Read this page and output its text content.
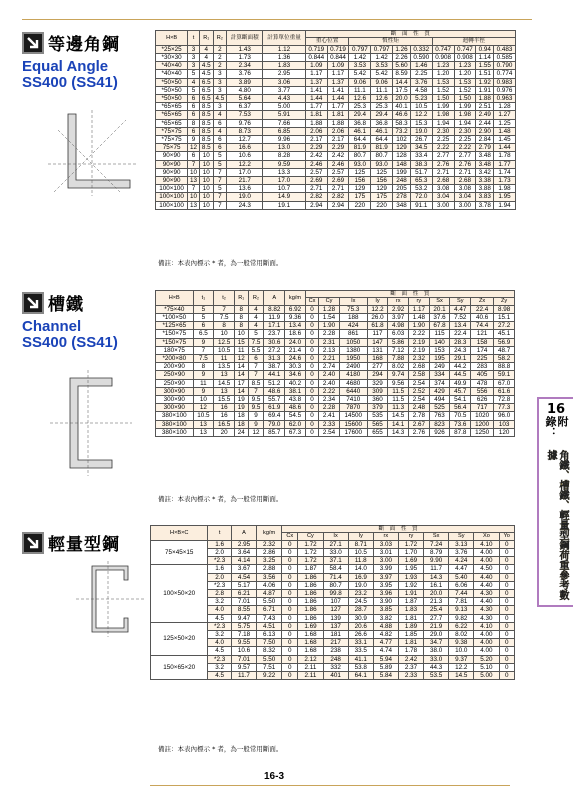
等邊角鋼
Equal Angle
SS400 (SS41)
H×B	t	R₁	R₂	計算斷面積	計算單位重量	斷　面　性　質									
						重心位置		慣性矩				迴轉半徑			
*25×25	3	4	2	1.43	1.12	0.719	0.719	0.797	0.797	1.26	0.332	0.747	0.747	0.94	0.483
*30×30	3	4	2	1.73	1.36	0.844	0.844	1.42	1.42	2.26	0.590	0.908	0.908	1.14	0.585
*40×40	3	4.5	2	2.34	1.83	1.09	1.09	3.53	3.53	5.60	1.46	1.23	1.23	1.55	0.790
*40×40	5	4.5	3	3.76	2.95	1.17	1.17	5.42	5.42	8.59	2.25	1.20	1.20	1.51	0.774
*50×50	4	6.5	3	3.89	3.06	1.37	1.37	9.06	9.06	14.4	3.76	1.53	1.53	1.92	0.983
*50×50	5	6.5	3	4.80	3.77	1.41	1.41	11.1	11.1	17.5	4.58	1.52	1.52	1.91	0.976
*50×50	6	6.5	4.5	5.64	4.43	1.44	1.44	12.6	12.6	20.0	5.23	1.50	1.50	1.88	0.963
*65×65	6	8.5	3	6.37	5.00	1.77	1.77	25.3	25.3	40.1	10.5	1.99	1.99	2.51	1.28
*65×65	6	8.5	4	7.53	5.91	1.81	1.81	29.4	29.4	46.6	12.2	1.98	1.98	2.49	1.27
*65×65	8	8.5	6	9.76	7.66	1.88	1.88	36.8	36.8	58.3	15.3	1.94	1.94	2.44	1.25
*75×75	6	8.5	4	8.73	6.85	2.06	2.06	46.1	46.1	73.2	19.0	2.30	2.30	2.90	1.48
*75×75	9	8.5	6	12.7	9.96	2.17	2.17	64.4	64.4	102	26.7	2.25	2.25	2.84	1.45
75×75	12	8.5	6	16.6	13.0	2.29	2.29	81.9	81.9	129	34.5	2.22	2.22	2.79	1.44
90×90	6	10	5	10.6	8.28	2.42	2.42	80.7	80.7	128	33.4	2.77	2.77	3.48	1.78
90×90	7	10	5	12.2	9.59	2.46	2.46	93.0	93.0	148	38.3	2.76	2.76	3.48	1.77
90×90	10	10	7	17.0	13.3	2.57	2.57	125	125	199	51.7	2.71	2.71	3.42	1.74
90×90	13	10	7	21.7	17.0	2.69	2.69	156	156	248	65.3	2.68	2.68	3.38	1.73
100×100	7	10	5	13.6	10.7	2.71	2.71	129	129	205	53.2	3.08	3.08	3.88	1.98
100×100	10	10	7	19.0	14.9	2.82	2.82	175	175	278	72.0	3.04	3.04	3.83	1.95
100×100	13	10	7	24.3	19.1	2.94	2.94	220	220	348	91.1	3.00	3.00	3.78	1.94
備註：本表內標示 * 者，為一般常用斷面。
槽鐵
Channel
SS400 (SS41)
H×B	t₁	t₂	R₁	R₂	A	kg/m	斷　面　性　質									
							Cx	Cy	Ix	Iy	rx	ry	Sx	Sy	Zx	Zy
*75×40	5	7	8	4	8.82	6.92	0	1.28	75.3	12.2	2.92	1.17	20.1	4.47	22.4	8.98
*100×50	5	7.5	8	4	11.9	9.36	0	1.54	188	26.0	3.97	1.48	37.6	7.52	40.6	15.1
*125×65	6	8	8	4	17.1	13.4	0	1.90	424	61.8	4.98	1.90	67.8	13.4	74.4	27.2
*150×75	6.5	10	10	5	23.7	18.6	0	2.28	861	117	6.03	2.22	115	22.4	121	45.1
*150×75	9	12.5	15	7.5	30.6	24.0	0	2.31	1050	147	5.86	2.19	140	28.3	158	56.9
180×75	7	10.5	11	5.5	27.2	21.4	0	2.13	1380	131	7.12	2.19	153	24.3	174	48.7
*200×80	7.5	11	12	6	31.3	24.6	0	2.21	1950	168	7.88	2.32	195	29.1	225	58.2
200×90	8	13.5	14	7	38.7	30.3	0	2.74	2490	277	8.02	2.68	249	44.2	283	88.8
250×90	9	13	14	7	44.1	34.6	0	2.40	4180	294	9.74	2.58	334	44.5	405	59.1
250×90	11	14.5	17	8.5	51.2	40.2	0	2.40	4680	329	9.56	2.54	374	49.9	478	67.0
300×90	9	13	14	7	48.6	38.1	0	2.22	6440	309	11.5	2.52	429	45.7	556	61.6
300×90	10	15.5	19	9.5	55.7	43.8	0	2.34	7410	360	11.5	2.54	494	54.1	626	72.8
300×90	12	16	19	9.5	61.9	48.6	0	2.28	7870	379	11.3	2.48	525	56.4	717	77.3
380×100	10.5	16	18	9	69.4	54.5	0	2.41	14500	535	14.5	2.78	763	70.5	1020	96.0
380×100	13	16.5	18	9	79.0	62.0	0	2.33	15600	565	14.1	2.67	823	73.6	1200	103
380×100	13	20	24	12	85.7	67.3	0	2.54	17600	655	14.3	2.76	926	87.8	1250	120
備註：本表內標示 * 者，為一般常用斷面。
輕量型鋼
H×B×C	t	A	kg/m	斷　面　性　質									
				Cx	Cy	Ix	Iy	rx	ry	Sx	Sy	Xo	Yo
75×45×15	1.6	2.95	2.32	0	1.72	27.1	8.71	3.03	1.72	7.24	3.13	4.10	0
	2.0	3.64	2.86	0	1.72	33.0	10.5	3.01	1.70	8.79	3.76	4.00	0
	*2.3	4.14	3.25	0	1.72	37.1	11.8	3.00	1.69	9.90	4.24	4.00	0
100×50×20	1.6	3.67	2.88	0	1.87	58.4	14.0	3.99	1.95	11.7	4.47	4.50	0
	2.0	4.54	3.56	0	1.86	71.4	16.9	3.97	1.93	14.3	5.40	4.40	0
	*2.3	5.17	4.06	0	1.86	80.7	19.0	3.95	1.92	16.1	6.06	4.40	0
	2.8	6.21	4.87	0	1.86	99.8	23.2	3.96	1.91	20.0	7.44	4.30	0
	3.2	7.01	5.50	0	1.86	107	24.5	3.90	1.87	21.3	7.81	4.40	0
	4.0	8.55	6.71	0	1.86	127	28.7	3.85	1.83	25.4	9.13	4.30	0
	4.5	9.47	7.43	0	1.86	139	30.9	3.82	1.81	27.7	9.82	4.30	0
125×50×20	*2.3	5.75	4.51	0	1.69	137	20.6	4.88	1.89	21.9	6.22	4.10	0
	3.2	7.18	6.13	0	1.68	181	26.6	4.82	1.85	29.0	8.02	4.00	0
	4.0	9.55	7.50	0	1.68	217	33.1	4.77	1.81	34.7	9.38	4.00	0
	4.5	10.6	8.32	0	1.68	238	33.5	4.74	1.78	38.0	10.0	4.00	0
150×65×20	*2.3	7.01	5.50	0	2.12	248	41.1	5.94	2.42	33.0	9.37	5.20	0
	3.2	9.57	7.51	0	2.11	332	53.8	5.89	2.37	44.3	12.2	5.10	0
	4.5	11.7	9.22	0	2.11	401	64.1	5.84	2.33	53.5	14.5	5.00	0
備註：本表內標示 * 者，為一般常用斷面。
16
附錄：
角鐵、槽鐵、輕量型鋼荷重參考數據
16-3
